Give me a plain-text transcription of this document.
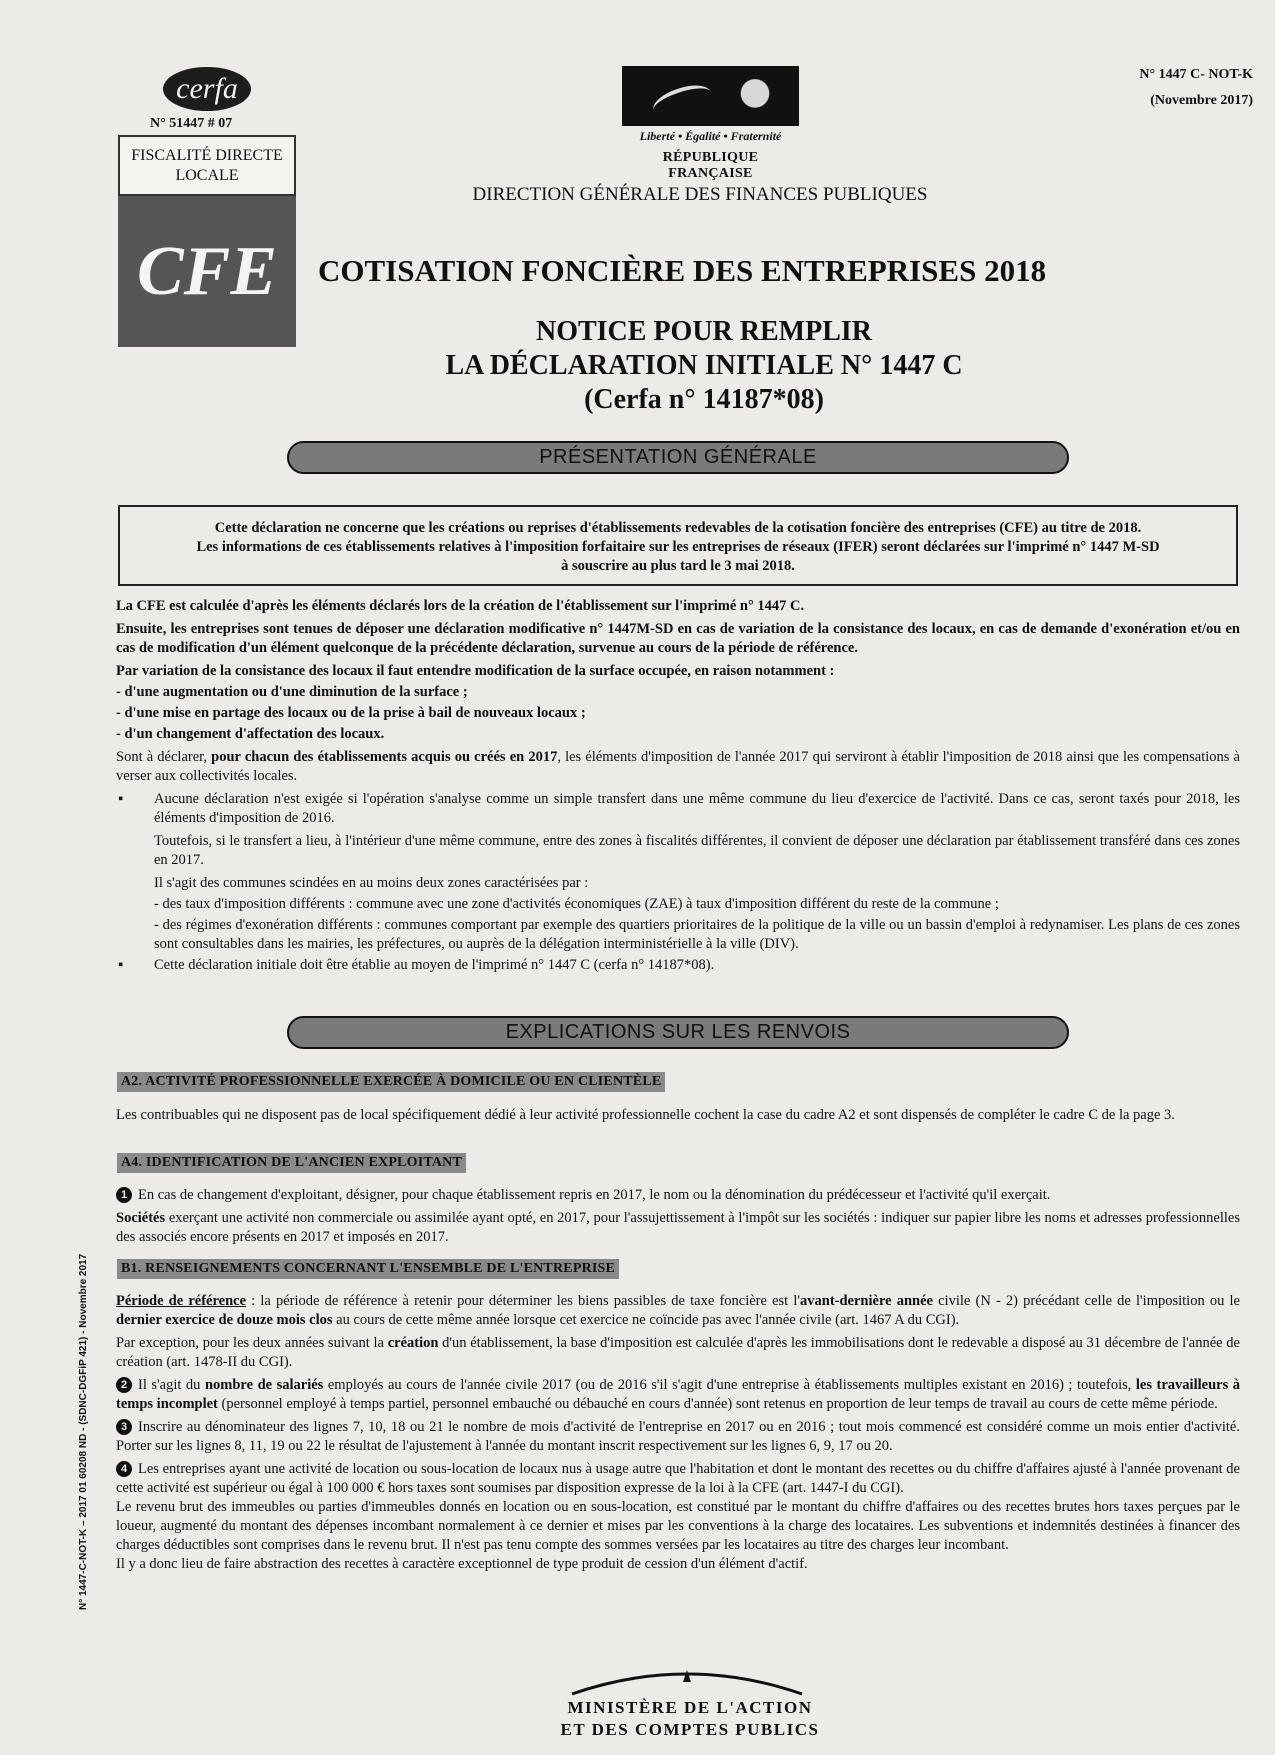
cerfa
N° 51447 # 07
FISCALITÉ DIRECTE LOCALE
CFE
Liberté • Égalité • Fraternité
RÉPUBLIQUE FRANÇAISE
DIRECTION GÉNÉRALE DES FINANCES PUBLIQUES
N° 1447 C- NOT-K
(Novembre 2017)
COTISATION FONCIÈRE DES ENTREPRISES 2018
NOTICE POUR REMPLIR
LA DÉCLARATION INITIALE N° 1447 C
(Cerfa n° 14187*08)
PRÉSENTATION GÉNÉRALE
Cette déclaration ne concerne que les créations ou reprises d'établissements redevables de la cotisation foncière des entreprises (CFE) au titre de 2018.
Les informations de ces établissements relatives à l'imposition forfaitaire sur les entreprises de réseaux (IFER) seront déclarées sur l'imprimé n° 1447 M-SD
à souscrire au plus tard le 3 mai 2018.

La CFE est calculée d'après les éléments déclarés lors de la création de l'établissement sur l'imprimé n° 1447 C.

Ensuite, les entreprises sont tenues de déposer une déclaration modificative n° 1447M-SD en cas de variation de la consistance des locaux, en cas de demande d'exonération et/ou en cas de modification d'un élément quelconque de la précédente déclaration, survenue au cours de la période de référence.

Par variation de la consistance des locaux il faut entendre modification de la surface occupée, en raison notamment :

- d'une augmentation ou d'une diminution de la surface ;

- d'une mise en partage des locaux ou de la prise à bail de nouveaux locaux ;

- d'un changement d'affectation des locaux.

Sont à déclarer, pour chacun des établissements acquis ou créés en 2017, les éléments d'imposition de l'année 2017 qui serviront à établir l'imposition de 2018 ainsi que les compensations à verser aux collectivités locales.

▪ Aucune déclaration n'est exigée si l'opération s'analyse comme un simple transfert dans une même commune du lieu d'exercice de l'activité. Dans ce cas, seront taxés pour 2018, les éléments d'imposition de 2016.

Toutefois, si le transfert a lieu, à l'intérieur d'une même commune, entre des zones à fiscalités différentes, il convient de déposer une déclaration par établissement transféré dans ces zones en 2017.

Il s'agit des communes scindées en au moins deux zones caractérisées par :

- des taux d'imposition différents : commune avec une zone d'activités économiques (ZAE) à taux d'imposition différent du reste de la commune ;

- des régimes d'exonération différents : communes comportant par exemple des quartiers prioritaires de la politique de la ville ou un bassin d'emploi à redynamiser. Les plans de ces zones sont consultables dans les mairies, les préfectures, ou auprès de la délégation interministérielle à la ville (DIV).

▪ Cette déclaration initiale doit être établie au moyen de l'imprimé n° 1447 C (cerfa n° 14187*08).

EXPLICATIONS SUR LES RENVOIS
A2. ACTIVITÉ PROFESSIONNELLE EXERCÉE À DOMICILE OU EN CLIENTÈLE

Les contribuables qui ne disposent pas de local spécifiquement dédié à leur activité professionnelle cochent la case du cadre A2 et sont dispensés de compléter le cadre C de la page 3.

A4. IDENTIFICATION DE L'ANCIEN EXPLOITANT

1 En cas de changement d'exploitant, désigner, pour chaque établissement repris en 2017, le nom ou la dénomination du prédécesseur et l'activité qu'il exerçait.

Sociétés exerçant une activité non commerciale ou assimilée ayant opté, en 2017, pour l'assujettissement à l'impôt sur les sociétés : indiquer sur papier libre les noms et adresses professionnelles des associés encore présents en 2017 et imposés en 2017.

B1. RENSEIGNEMENTS CONCERNANT L'ENSEMBLE DE L'ENTREPRISE

Période de référence : la période de référence à retenir pour déterminer les biens passibles de taxe foncière est l'avant-dernière année civile (N - 2) précédant celle de l'imposition ou le dernier exercice de douze mois clos au cours de cette même année lorsque cet exercice ne coïncide pas avec l'année civile (art. 1467 A du CGI).

Par exception, pour les deux années suivant la création d'un établissement, la base d'imposition est calculée d'après les immobilisations dont le redevable a disposé au 31 décembre de l'année de création (art. 1478-II du CGI).

2 Il s'agit du nombre de salariés employés au cours de l'année civile 2017 (ou de 2016 s'il s'agit d'une entreprise à établissements multiples existant en 2016) ; toutefois, les travailleurs à temps incomplet (personnel employé à temps partiel, personnel embauché ou débauché en cours d'année) sont retenus en proportion de leur temps de travail au cours de cette même période.

3 Inscrire au dénominateur des lignes 7, 10, 18 ou 21 le nombre de mois d'activité de l'entreprise en 2017 ou en 2016 ; tout mois commencé est considéré comme un mois entier d'activité. Porter sur les lignes 8, 11, 19 ou 22 le résultat de l'ajustement à l'année du montant inscrit respectivement sur les lignes 6, 9, 17 ou 20.

4 Les entreprises ayant une activité de location ou sous-location de locaux nus à usage autre que l'habitation et dont le montant des recettes ou du chiffre d'affaires ajusté à l'année provenant de cette activité est supérieur ou égal à 100 000 € hors taxes sont soumises par disposition expresse de la loi à la CFE (art. 1447-I du CGI).

Le revenu brut des immeubles ou parties d'immeubles donnés en location ou en sous-location, est constitué par le montant du chiffre d'affaires ou des recettes brutes hors taxes perçues par le loueur, augmenté du montant des dépenses incombant normalement à ce dernier et mises par les conventions à la charge des locataires. Les subventions et indemnités destinées à financer des charges déductibles sont comprises dans le revenu brut. Il n'est pas tenu compte des sommes versées par les locataires au titre des charges leur incombant.

Il y a donc lieu de faire abstraction des recettes à caractère exceptionnel de type produit de cession d'un élément d'actif.

N° 1447-C-NOT-K – 2017 01 60208 ND - (SDNC-DGFiP 421) - Novembre 2017
MINISTÈRE DE L'ACTION
ET DES COMPTES PUBLICS
